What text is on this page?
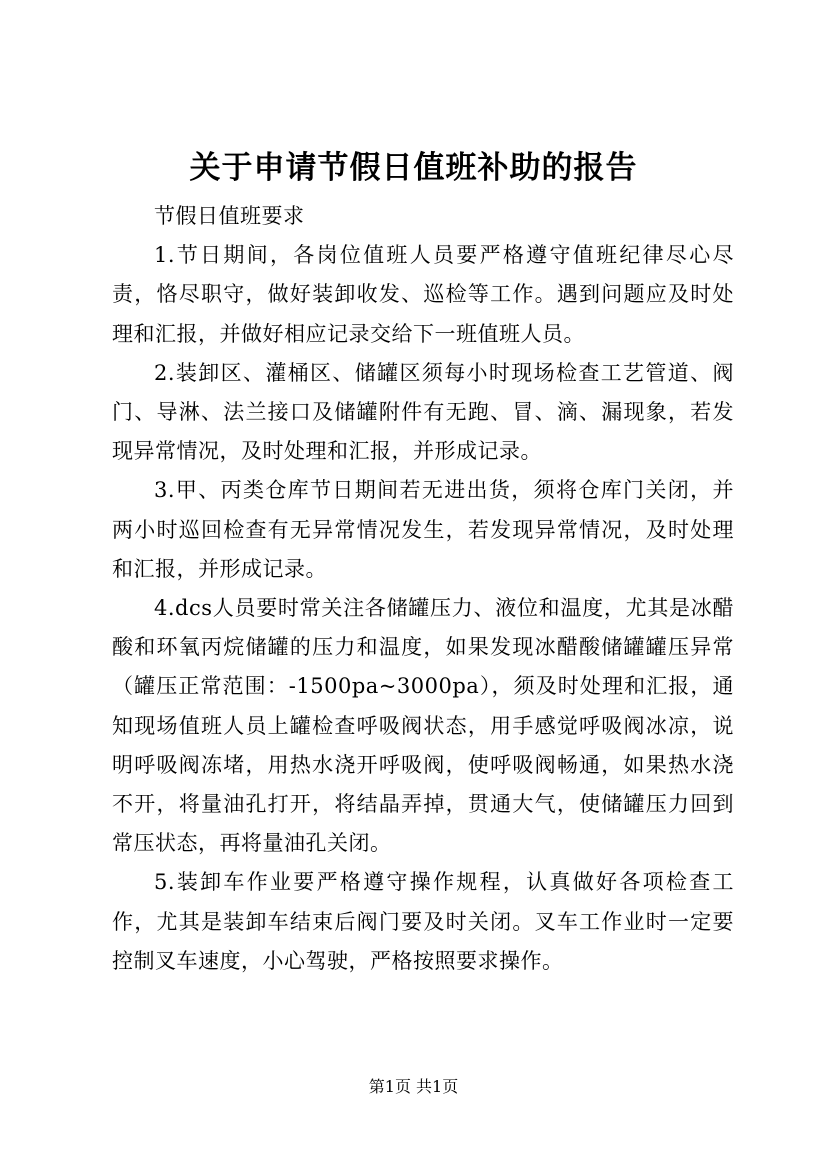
关于申请节假日值班补助的报告

节假日值班要求

1.节日期间，各岗位值班人员要严格遵守值班纪律尽心尽责，恪尽职守，做好装卸收发、巡检等工作。遇到问题应及时处理和汇报，并做好相应记录交给下一班值班人员。

2.装卸区、灌桶区、储罐区须每小时现场检查工艺管道、阀门、导淋、法兰接口及储罐附件有无跑、冒、滴、漏现象，若发现异常情况，及时处理和汇报，并形成记录。

3.甲、丙类仓库节日期间若无进出货，须将仓库门关闭，并两小时巡回检查有无异常情况发生，若发现异常情况，及时处理和汇报，并形成记录。

4.dcs人员要时常关注各储罐压力、液位和温度，尤其是冰醋酸和环氧丙烷储罐的压力和温度，如果发现冰醋酸储罐罐压异常（罐压正常范围：-1500pa~3000pa），须及时处理和汇报，通知现场值班人员上罐检查呼吸阀状态，用手感觉呼吸阀冰凉，说明呼吸阀冻堵，用热水浇开呼吸阀，使呼吸阀畅通，如果热水浇不开，将量油孔打开，将结晶弄掉，贯通大气，使储罐压力回到常压状态，再将量油孔关闭。

5.装卸车作业要严格遵守操作规程，认真做好各项检查工作，尤其是装卸车结束后阀门要及时关闭。叉车工作业时一定要控制叉车速度，小心驾驶，严格按照要求操作。

第1页 共1页
